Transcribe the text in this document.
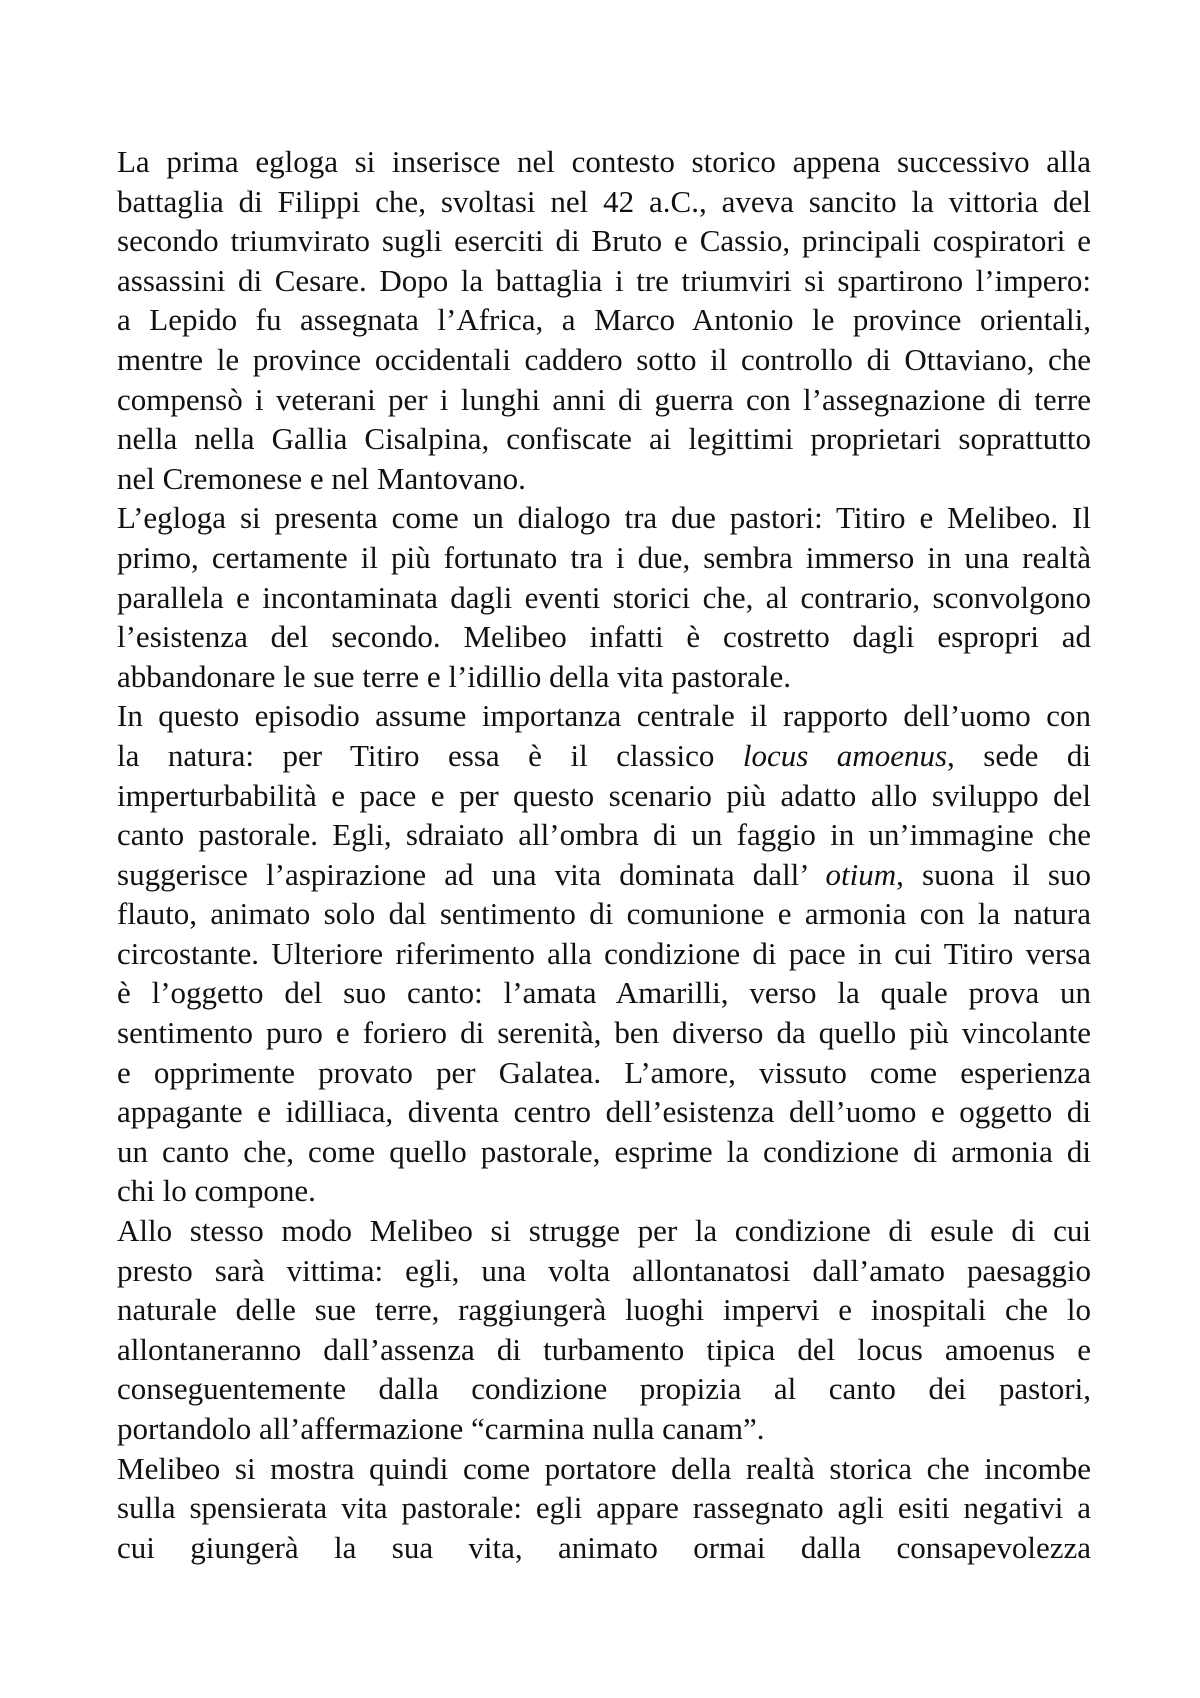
La prima egloga si inserisce nel contesto storico appena successivo alla
battaglia di Filippi che, svoltasi nel 42 a.C., aveva sancito la vittoria del
secondo triumvirato sugli eserciti di Bruto e Cassio, principali cospiratori e
assassini di Cesare. Dopo la battaglia i tre triumviri si spartirono l’impero:
a Lepido fu assegnata l’Africa, a Marco Antonio le province orientali,
mentre le province occidentali caddero sotto il controllo di Ottaviano, che
compensò i veterani per i lunghi anni di guerra con l’assegnazione di terre
nella nella Gallia Cisalpina, confiscate ai legittimi proprietari soprattutto
nel Cremonese e nel Mantovano.
L’egloga si presenta come un dialogo tra due pastori: Titiro e Melibeo. Il
primo, certamente il più fortunato tra i due, sembra immerso in una realtà
parallela e incontaminata dagli eventi storici che, al contrario, sconvolgono
l’esistenza del secondo. Melibeo infatti è costretto dagli espropri ad
abbandonare le sue terre e l’idillio della vita pastorale.
In questo episodio assume importanza centrale il rapporto dell’uomo con
la natura: per Titiro essa è il classico locus amoenus, sede di
imperturbabilità e pace e per questo scenario più adatto allo sviluppo del
canto pastorale. Egli, sdraiato all’ombra di un faggio in un’immagine che
suggerisce l’aspirazione ad una vita dominata dall’ otium, suona il suo
flauto, animato solo dal sentimento di comunione e armonia con la natura
circostante. Ulteriore riferimento alla condizione di pace in cui Titiro versa
è l’oggetto del suo canto: l’amata Amarilli, verso la quale prova un
sentimento puro e foriero di serenità, ben diverso da quello più vincolante
e opprimente provato per Galatea. L’amore, vissuto come esperienza
appagante e idilliaca, diventa centro dell’esistenza dell’uomo e oggetto di
un canto che, come quello pastorale, esprime la condizione di armonia di
chi lo compone.
Allo stesso modo Melibeo si strugge per la condizione di esule di cui
presto sarà vittima: egli, una volta allontanatosi dall’amato paesaggio
naturale delle sue terre, raggiungerà luoghi impervi e inospitali che lo
allontaneranno dall’assenza di turbamento tipica del locus amoenus e
conseguentemente dalla condizione propizia al canto dei pastori,
portandolo all’affermazione “carmina nulla canam”.
Melibeo si mostra quindi come portatore della realtà storica che incombe
sulla spensierata vita pastorale: egli appare rassegnato agli esiti negativi a
cui giungerà la sua vita, animato ormai dalla consapevolezza
